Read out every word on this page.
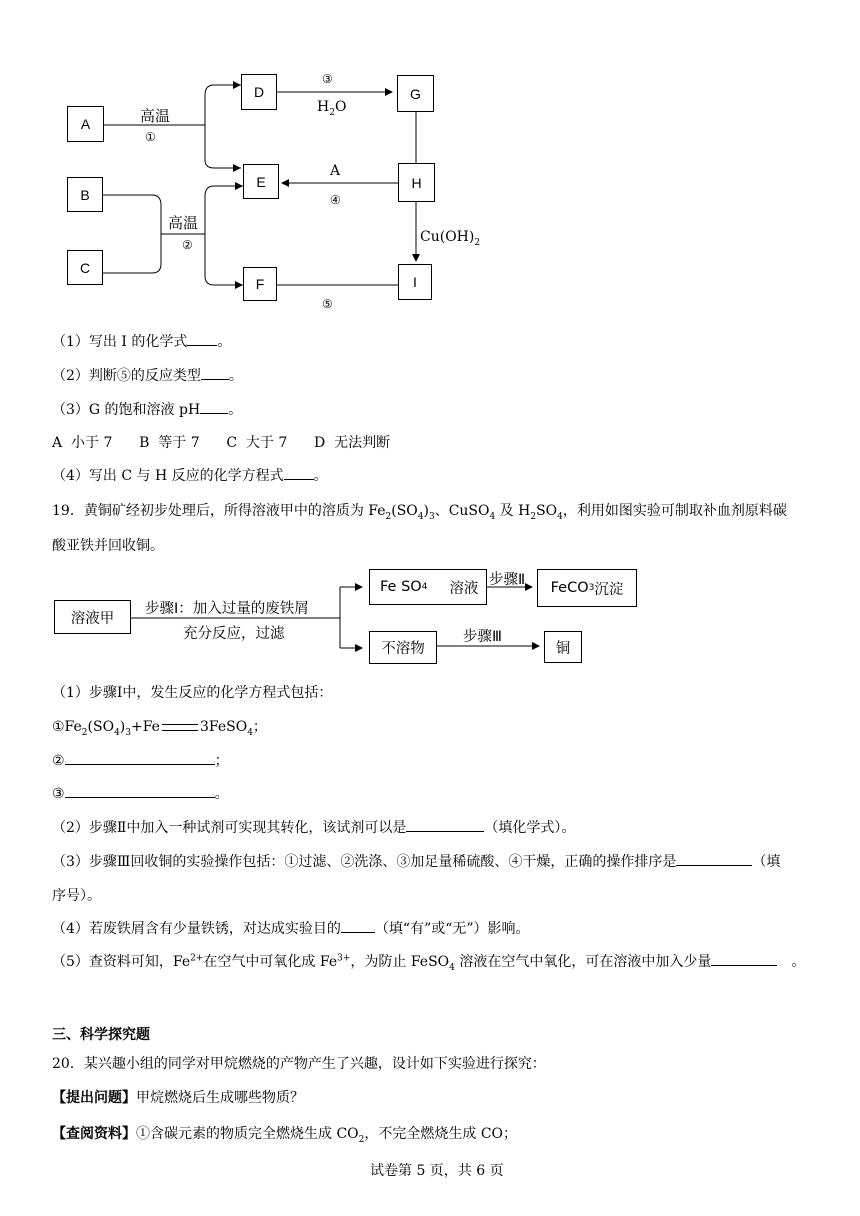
A
B
C
D
E
F
G
H
I
高温
①
高温
②
③
$H_2O$
A
④
$Cu(OH)_2$
⑤
（1）写出 I 的化学式 。
（2）判断⑤的反应类型 。
（3）G 的饱和溶液 pH 。
A  小于 7      B  等于 7      C  大于 7      D  无法判断
（4）写出 C 与 H 反应的化学方程式 。
19．黄铜矿经初步处理后，所得溶液甲中的溶质为 $Fe_2(SO_4)_3$、CuSO$_4$ 及 $H_2SO_4$，利用如图实验可制取补血剂原料碳
酸亚铁并回收铜。
溶液甲
步骤Ⅰ：加入过量的废铁屑
充分反应，过滤
Fe SO 4 溶液
步骤Ⅱ FeCO 3 沉淀
不溶物
步骤Ⅲ
铜
（1）步骤Ⅰ中，发生反应的化学方程式包括：
$①Fe_2(SO_4)_3+Fe$	3FeSO$_4$；
②	；
③	。
（2）步骤Ⅱ中加入一种试剂可实现其转化，该试剂可以是	（填化学式）。
（3）步骤Ⅲ回收铜的实验操作包括：①过滤、②洗涤、③加足量稀硫酸、④干燥，正确的操作排序是	（填
序号）。
（4）若废铁屑含有少量铁锈，对达成实验目的 （填“有”或“无”）影响。
（5）查资料可知，$Fe^{2+}$在空气中可氧化成 $Fe^{3+}$，为防止 FeSO$_4$ 溶液在空气中氧化，可在溶液中加入少量	。
三、科学探究题
20．某兴趣小组的同学对甲烷燃烧的产物产生了兴趣，设计如下实验进行探究：
【提出问题】甲烷燃烧后生成哪些物质？
【查阅资料】①含碳元素的物质完全燃烧生成 $CO_2$，不完全燃烧生成 CO；
试卷第 5 页，共 6 页
